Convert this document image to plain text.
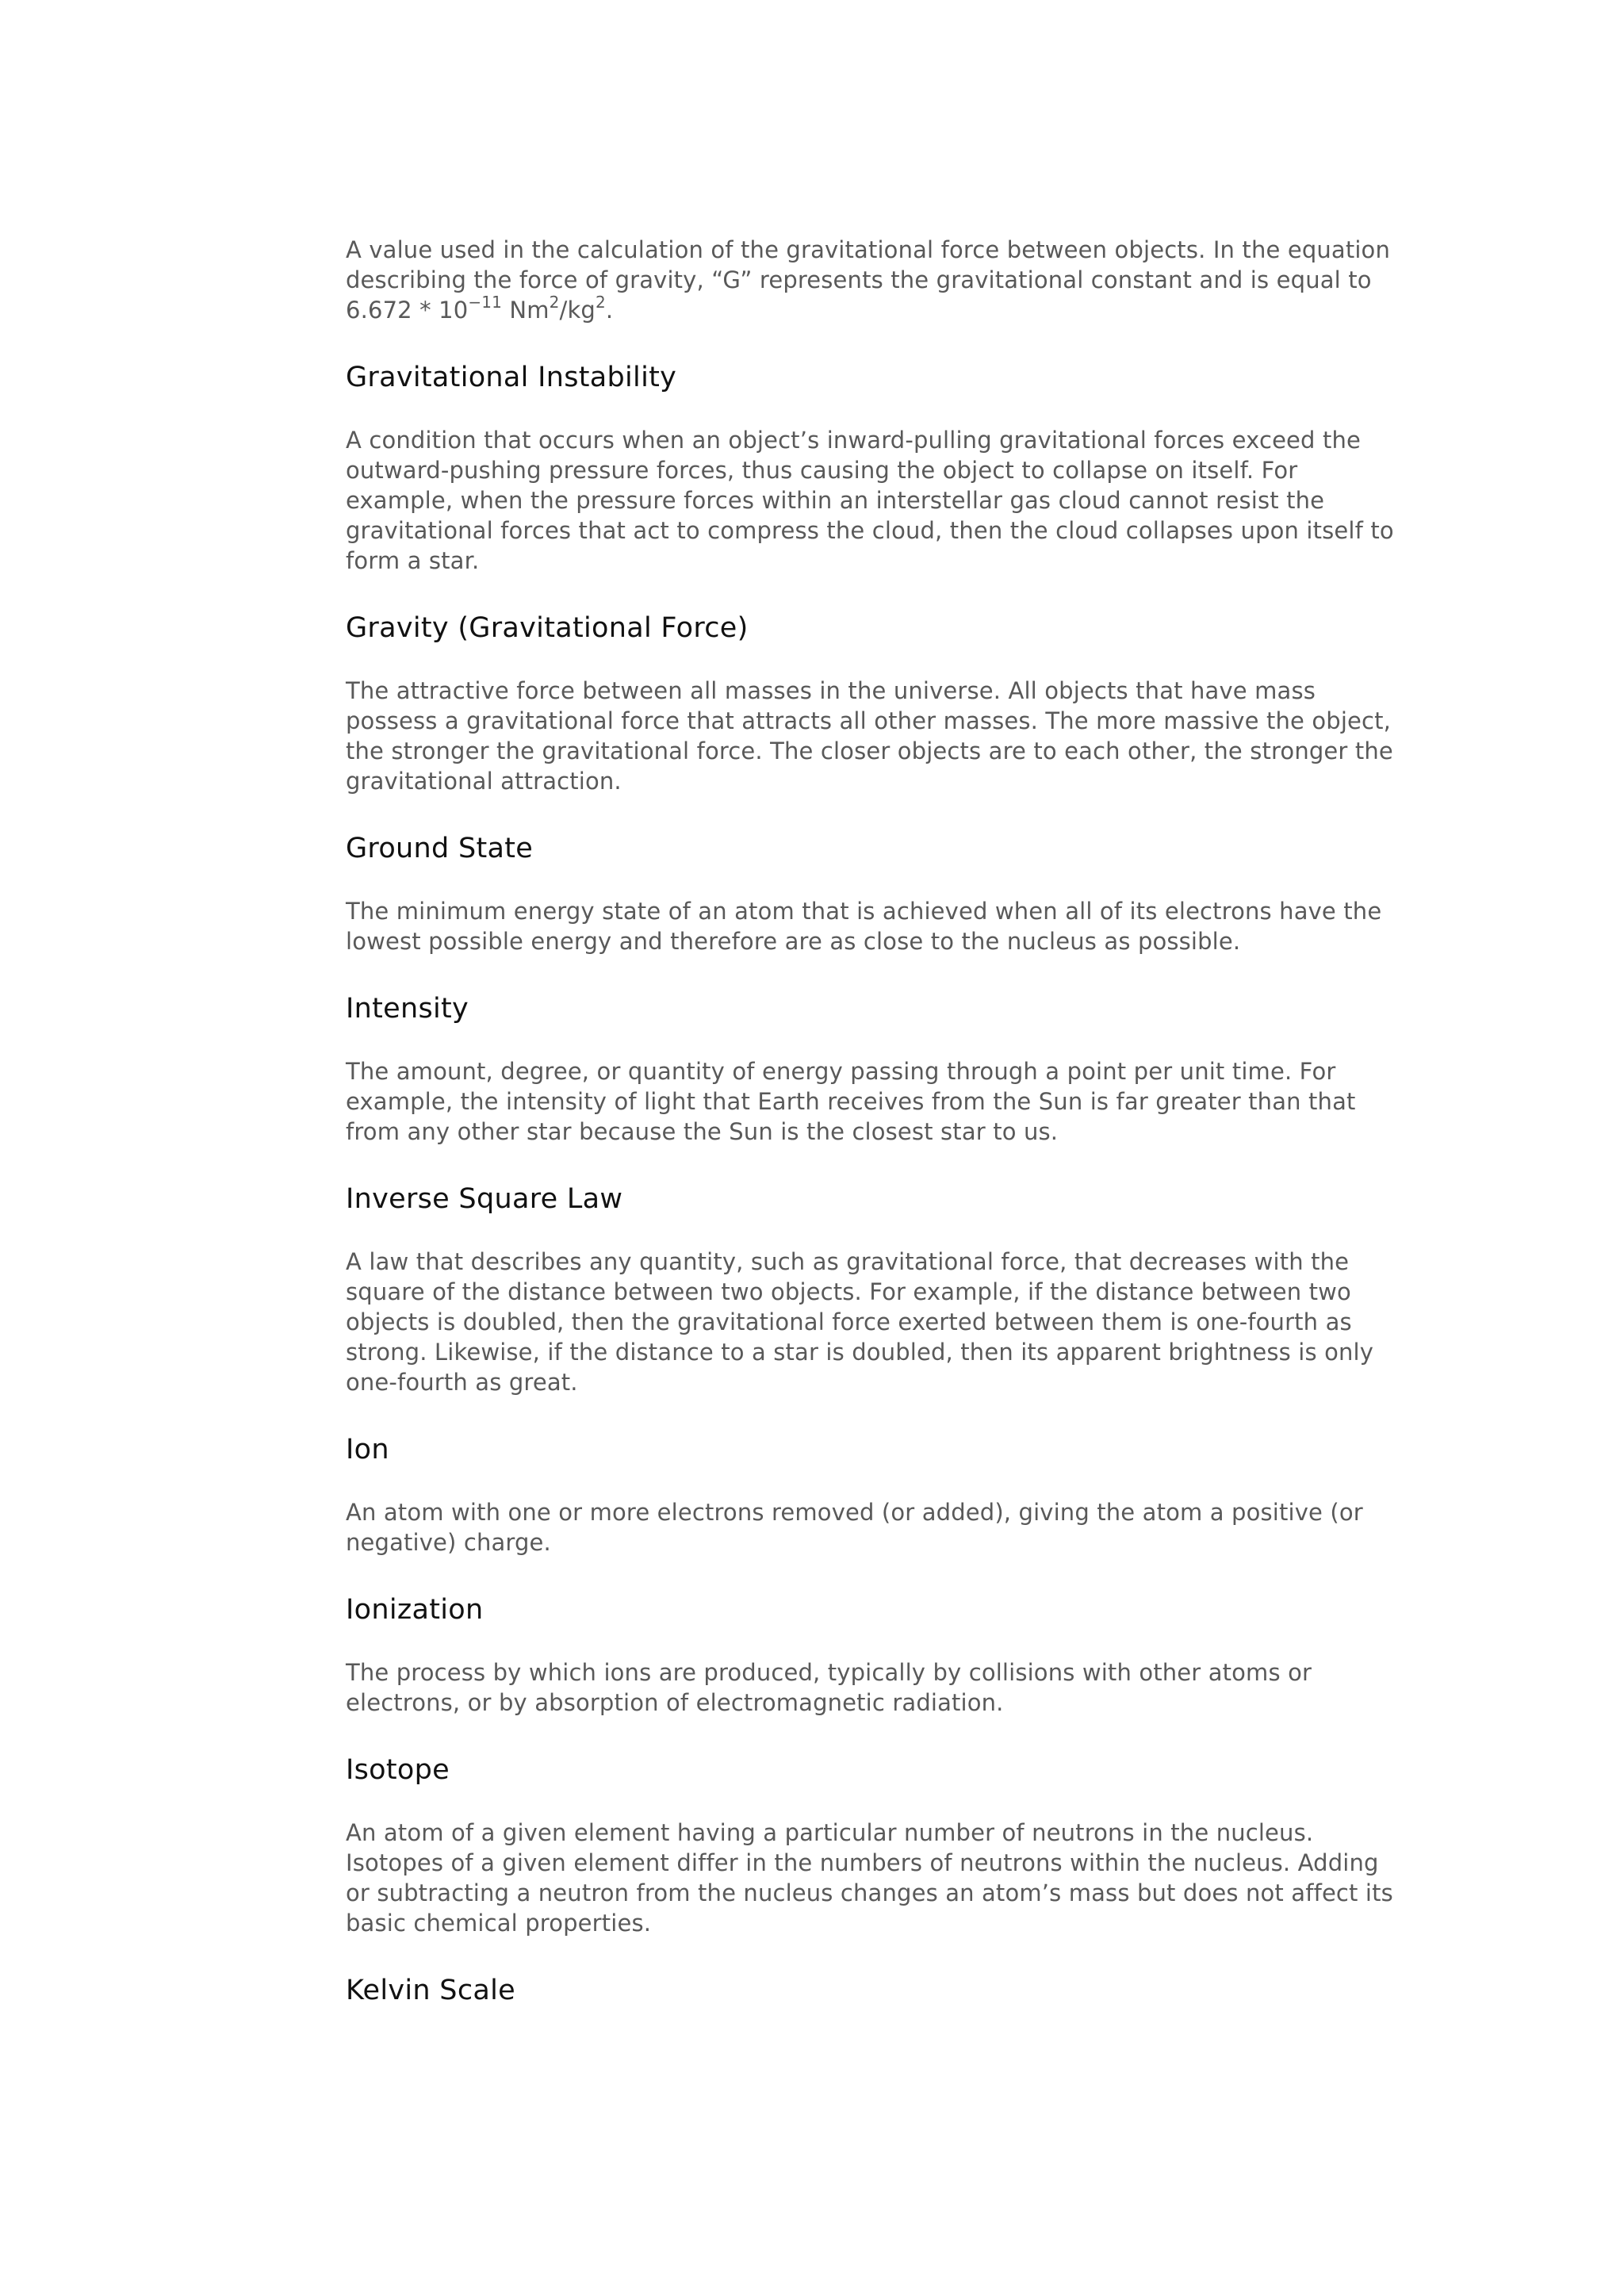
A value used in the calculation of the gravitational force between objects. In the equation describing the force of gravity, “G” represents the gravitational constant and is equal to $6.672 * 10^{-11}$ $Nm^2/kg^2$.

Gravitational Instability

A condition that occurs when an object’s inward-pulling gravitational forces exceed the outward-pushing pressure forces, thus causing the object to collapse on itself. For example, when the pressure forces within an interstellar gas cloud cannot resist the gravitational forces that act to compress the cloud, then the cloud collapses upon itself to form a star.

Gravity (Gravitational Force)

The attractive force between all masses in the universe. All objects that have mass possess a gravitational force that attracts all other masses. The more massive the object, the stronger the gravitational force. The closer objects are to each other, the stronger the gravitational attraction.

Ground State

The minimum energy state of an atom that is achieved when all of its electrons have the lowest possible energy and therefore are as close to the nucleus as possible.

Intensity

The amount, degree, or quantity of energy passing through a point per unit time. For example, the intensity of light that Earth receives from the Sun is far greater than that from any other star because the Sun is the closest star to us.

Inverse Square Law

A law that describes any quantity, such as gravitational force, that decreases with the square of the distance between two objects. For example, if the distance between two objects is doubled, then the gravitational force exerted between them is one-fourth as strong. Likewise, if the distance to a star is doubled, then its apparent brightness is only one-fourth as great.

Ion

An atom with one or more electrons removed (or added), giving the atom a positive (or negative) charge.

Ionization

The process by which ions are produced, typically by collisions with other atoms or electrons, or by absorption of electromagnetic radiation.

Isotope

An atom of a given element having a particular number of neutrons in the nucleus. Isotopes of a given element differ in the numbers of neutrons within the nucleus. Adding or subtracting a neutron from the nucleus changes an atom’s mass but does not affect its basic chemical properties.

Kelvin Scale
